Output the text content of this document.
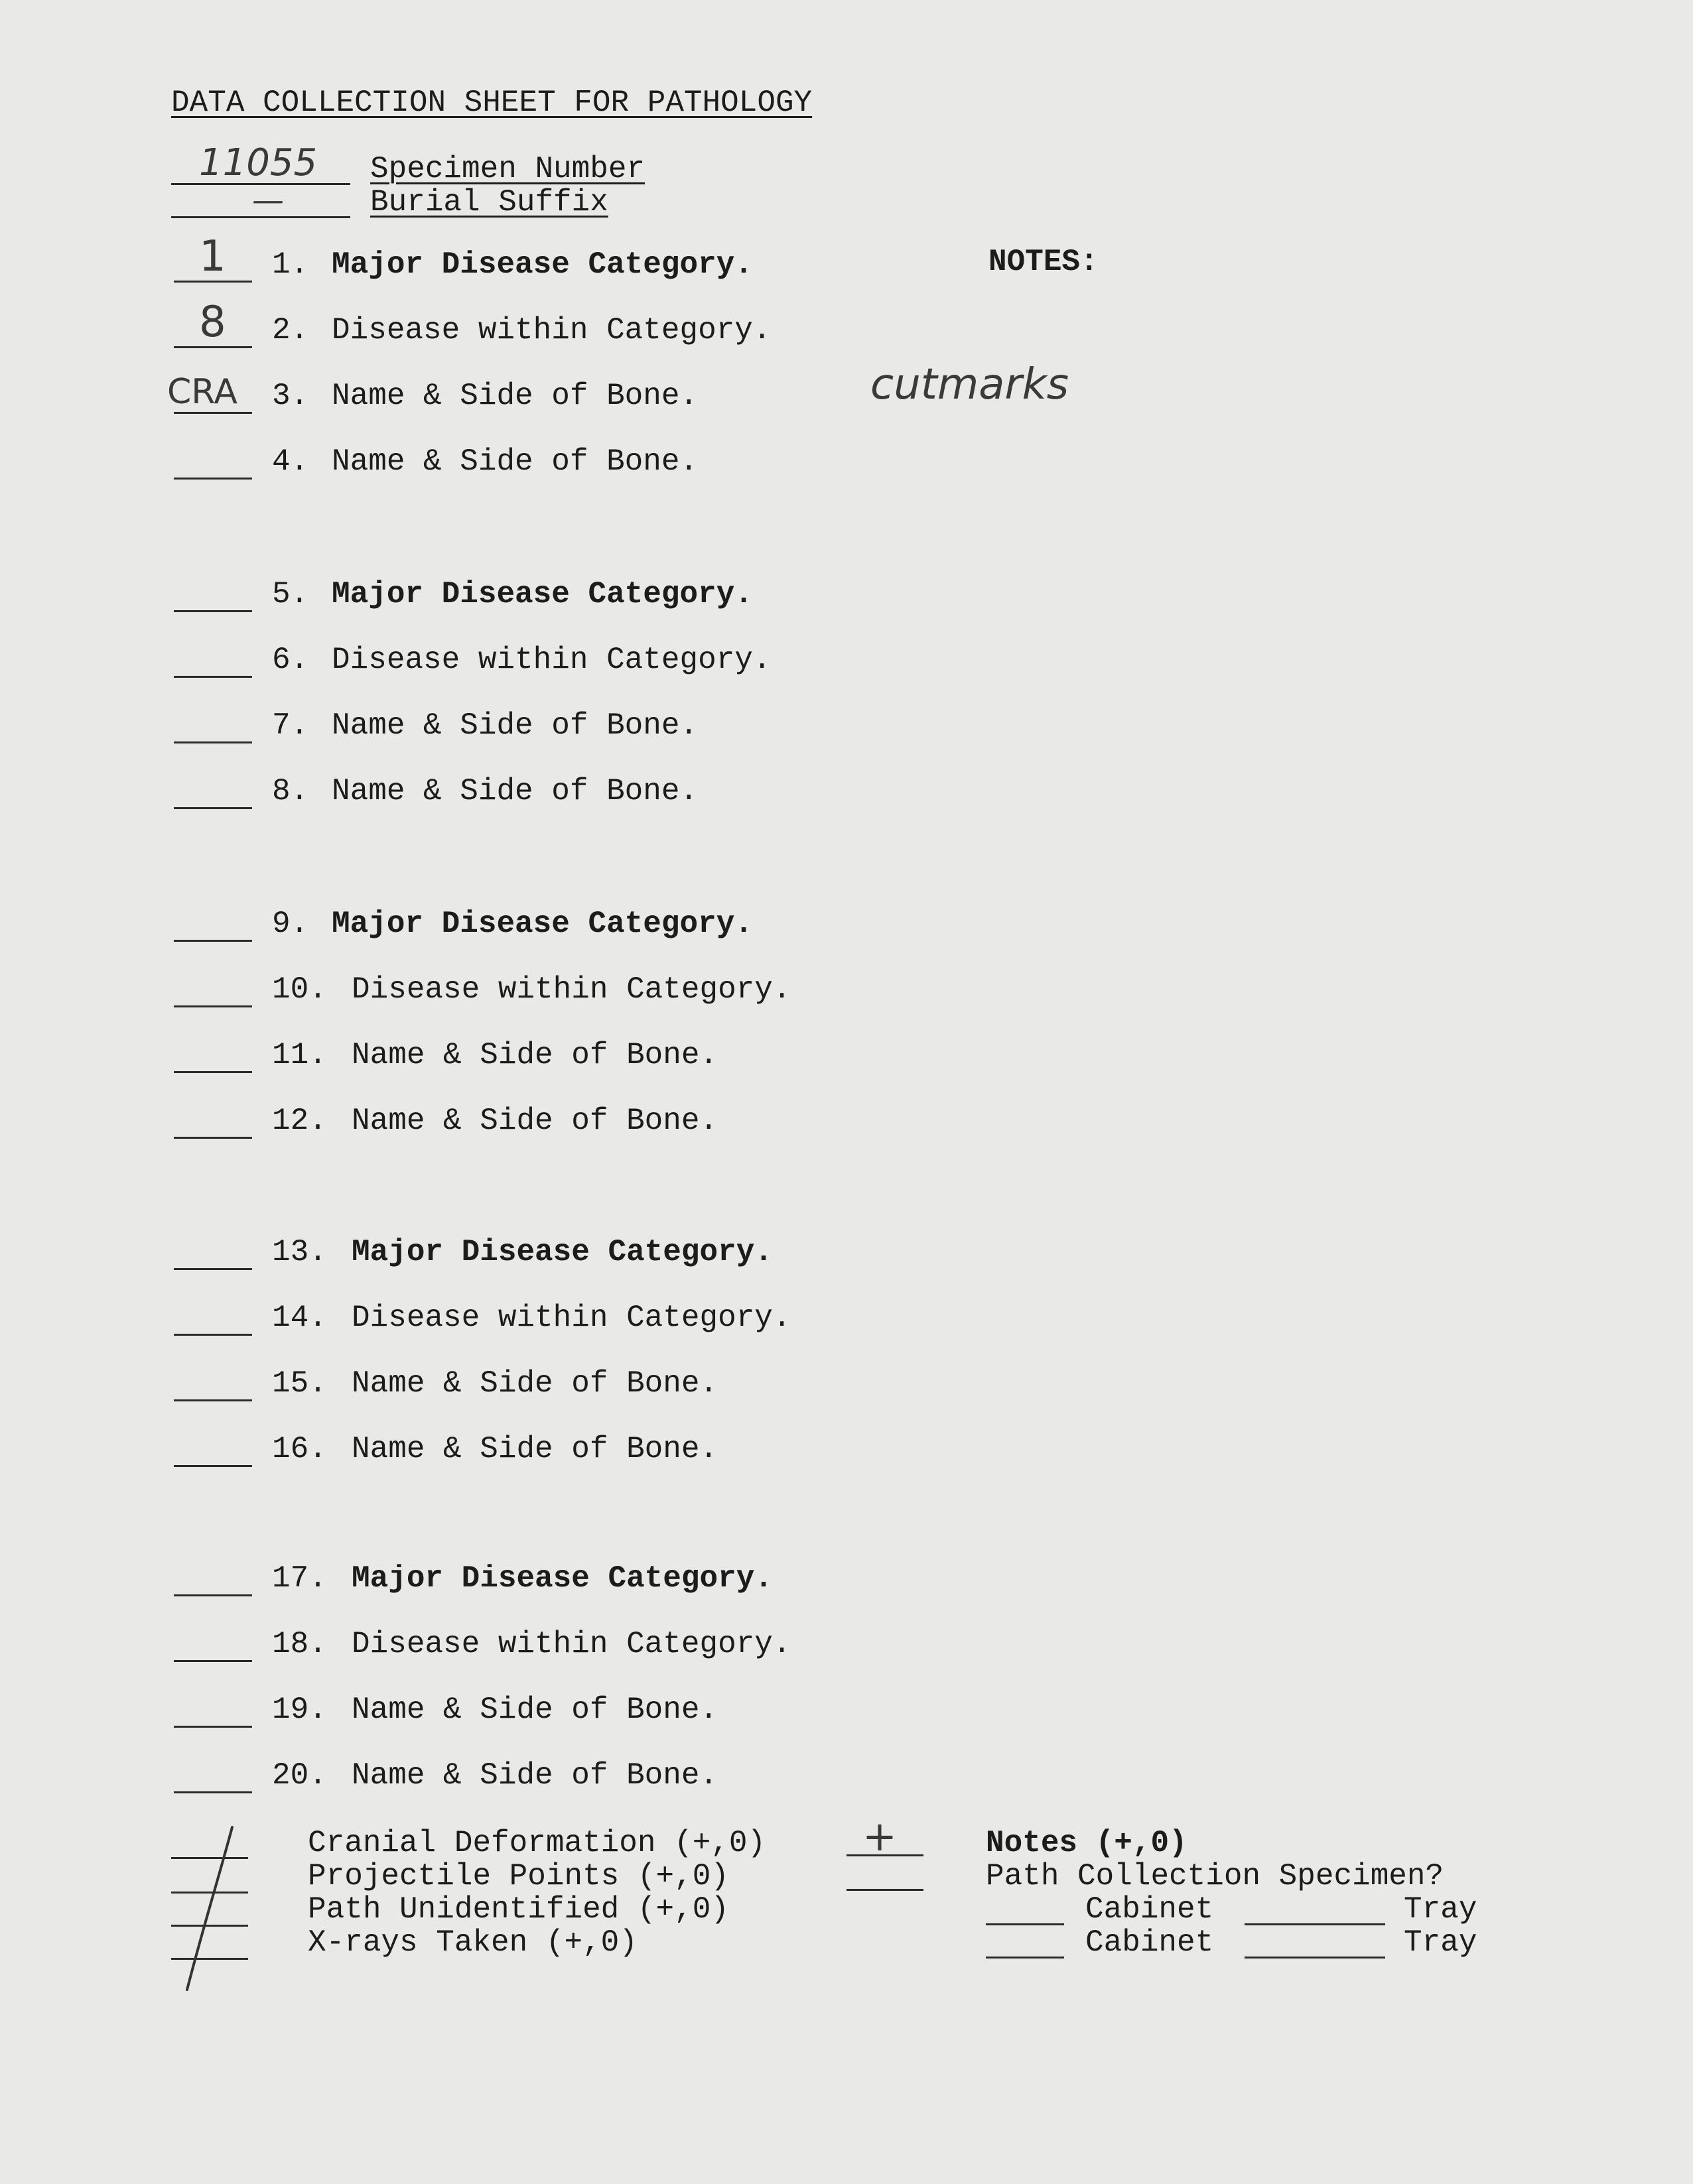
DATA COLLECTION SHEET FOR PATHOLOGY
11055 Specimen Number
—	Burial Suffix
NOTES:
cutmarks
1 1. Major Disease Category.
8 2. Disease within Category.
CRA 3. Name & Side of Bone.
4. Name & Side of Bone.
5. Major Disease Category.
6. Disease within Category.
7. Name & Side of Bone.
8. Name & Side of Bone.
9. Major Disease Category.
10. Disease within Category.
11. Name & Side of Bone.
12. Name & Side of Bone.
13. Major Disease Category.
14. Disease within Category.
15. Name & Side of Bone.
16. Name & Side of Bone.
17. Major Disease Category.
18. Disease within Category.
19. Name & Side of Bone.
20. Name & Side of Bone.
Cranial Deformation (+,0)
Projectile Points (+,0)
Path Unidentified (+,0)
X-rays Taken (+,0)
+	Notes (+,0)
Path Collection Specimen?
Cabinet	Tray
Cabinet	Tray
